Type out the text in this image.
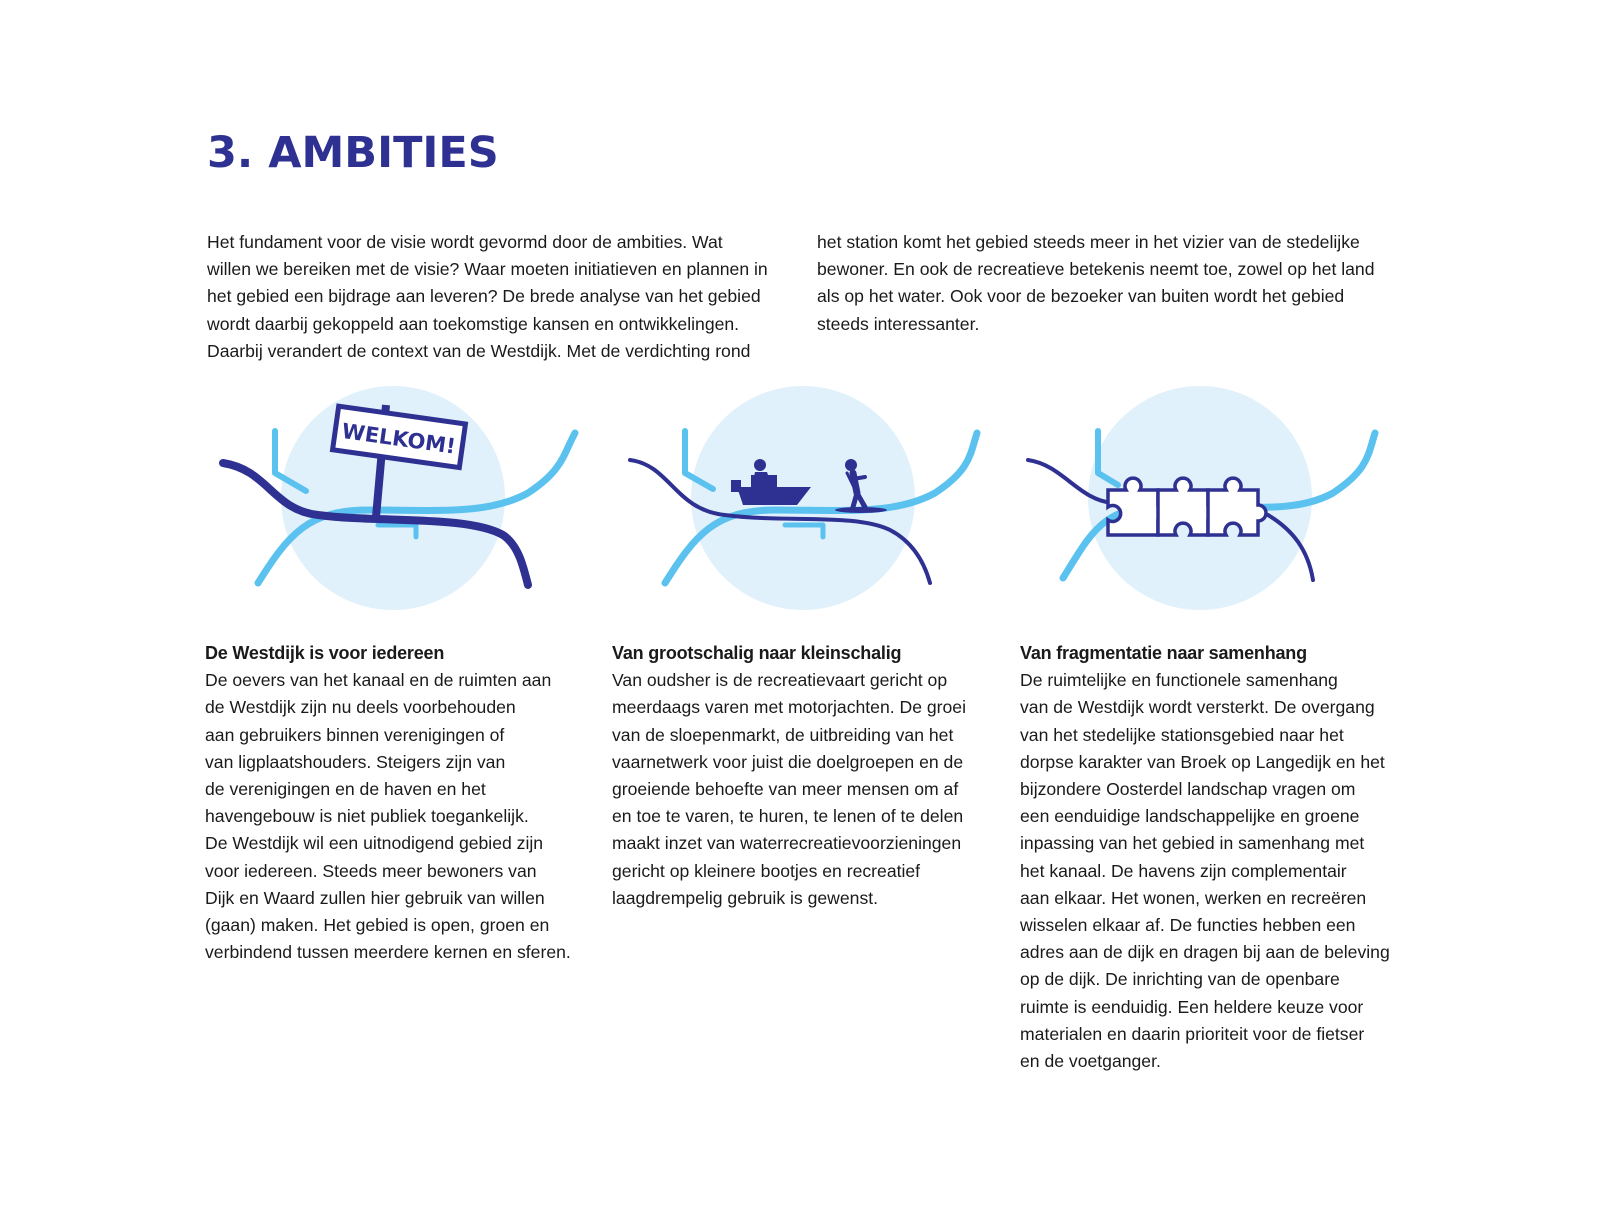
3. AMBITIES
Het fundament voor de visie wordt gevormd door de ambities. Wat
willen we bereiken met de visie? Waar moeten initiatieven en plannen in
het gebied een bijdrage aan leveren? De brede analyse van het gebied
wordt daarbij gekoppeld aan toekomstige kansen en ontwikkelingen.
Daarbij verandert de context van de Westdijk. Met de verdichting rond
het station komt het gebied steeds meer in het vizier van de stedelijke
bewoner. En ook de recreatieve betekenis neemt toe, zowel op het land
als op het water. Ook voor de bezoeker van buiten wordt het gebied
steeds interessanter.
WELKOM!
De Westdijk is voor iedereen

De oevers van het kanaal en de ruimten aan
de Westdijk zijn nu deels voorbehouden
aan gebruikers binnen verenigingen of
van ligplaatshouders. Steigers zijn van
de verenigingen en de haven en het
havengebouw is niet publiek toegankelijk.
De Westdijk wil een uitnodigend gebied zijn
voor iedereen. Steeds meer bewoners van
Dijk en Waard zullen hier gebruik van willen
(gaan) maken. Het gebied is open, groen en
verbindend tussen meerdere kernen en sferen.

Van grootschalig naar kleinschalig

Van oudsher is de recreatievaart gericht op
meerdaags varen met motorjachten. De groei
van de sloepenmarkt, de uitbreiding van het
vaarnetwerk voor juist die doelgroepen en de
groeiende behoefte van meer mensen om af
en toe te varen, te huren, te lenen of te delen
maakt inzet van waterrecreatievoorzieningen
gericht op kleinere bootjes en recreatief
laagdrempelig gebruik is gewenst.

Van fragmentatie naar samenhang

De ruimtelijke en functionele samenhang
van de Westdijk wordt versterkt. De overgang
van het stedelijke stationsgebied naar het
dorpse karakter van Broek op Langedijk en het
bijzondere Oosterdel landschap vragen om
een eenduidige landschappelijke en groene
inpassing van het gebied in samenhang met
het kanaal. De havens zijn complementair
aan elkaar. Het wonen, werken en recreëren
wisselen elkaar af. De functies hebben een
adres aan de dijk en dragen bij aan de beleving
op de dijk. De inrichting van de openbare
ruimte is eenduidig. Een heldere keuze voor
materialen en daarin prioriteit voor de fietser
en de voetganger.
